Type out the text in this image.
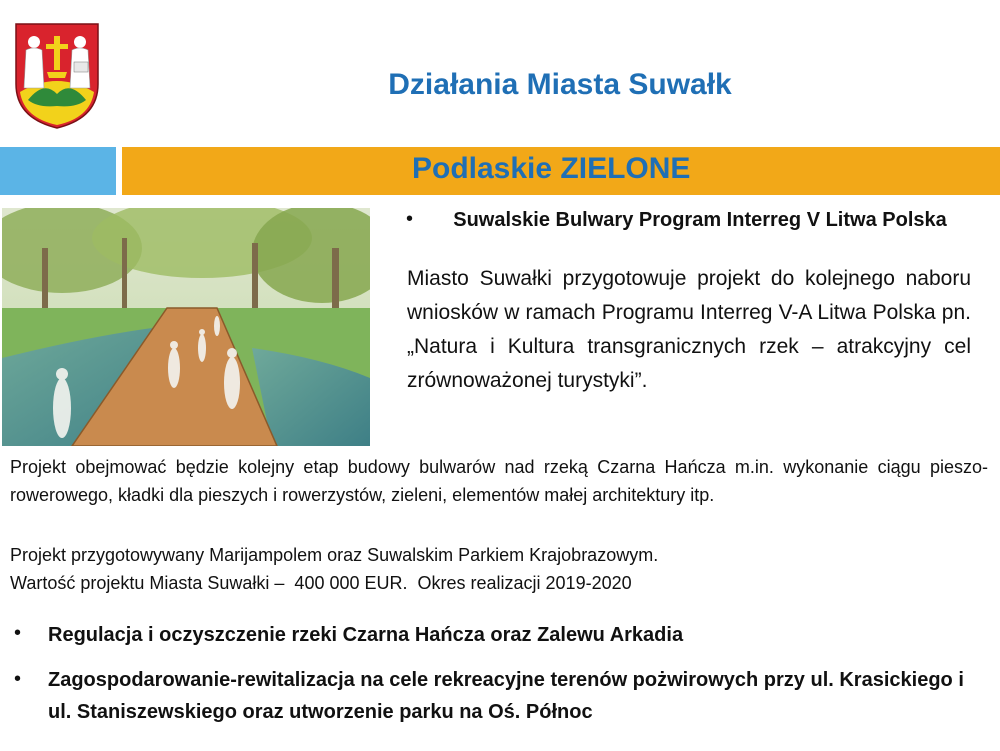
Działania Miasta Suwałk
Podlaskie ZIELONE
•	Suwalskie Bulwary Program Interreg V Litwa Polska
Miasto Suwałki przygotowuje projekt do kolejnego naboru wniosków w ramach Programu Interreg V-A Litwa Polska pn. „Natura i Kultura transgranicznych rzek – atrakcyjny cel zrównoważonej turystyki”.
Projekt obejmować będzie kolejny etap budowy bulwarów nad rzeką Czarna Hańcza m.in. wykonanie ciągu pieszo-rowerowego, kładki dla pieszych i rowerzystów, zieleni, elementów małej architektury itp.
Projekt przygotowywany Marijampolem oraz Suwalskim Parkiem Krajobrazowym.
Wartość projektu Miasta Suwałki –  400 000 EUR.  Okres realizacji 2019-2020
• Regulacja i oczyszczenie rzeki Czarna Hańcza oraz Zalewu Arkadia
• Zagospodarowanie-rewitalizacja na cele rekreacyjne terenów pożwirowych przy ul. Krasickiego i ul. Staniszewskiego oraz utworzenie parku na Oś. Północ
